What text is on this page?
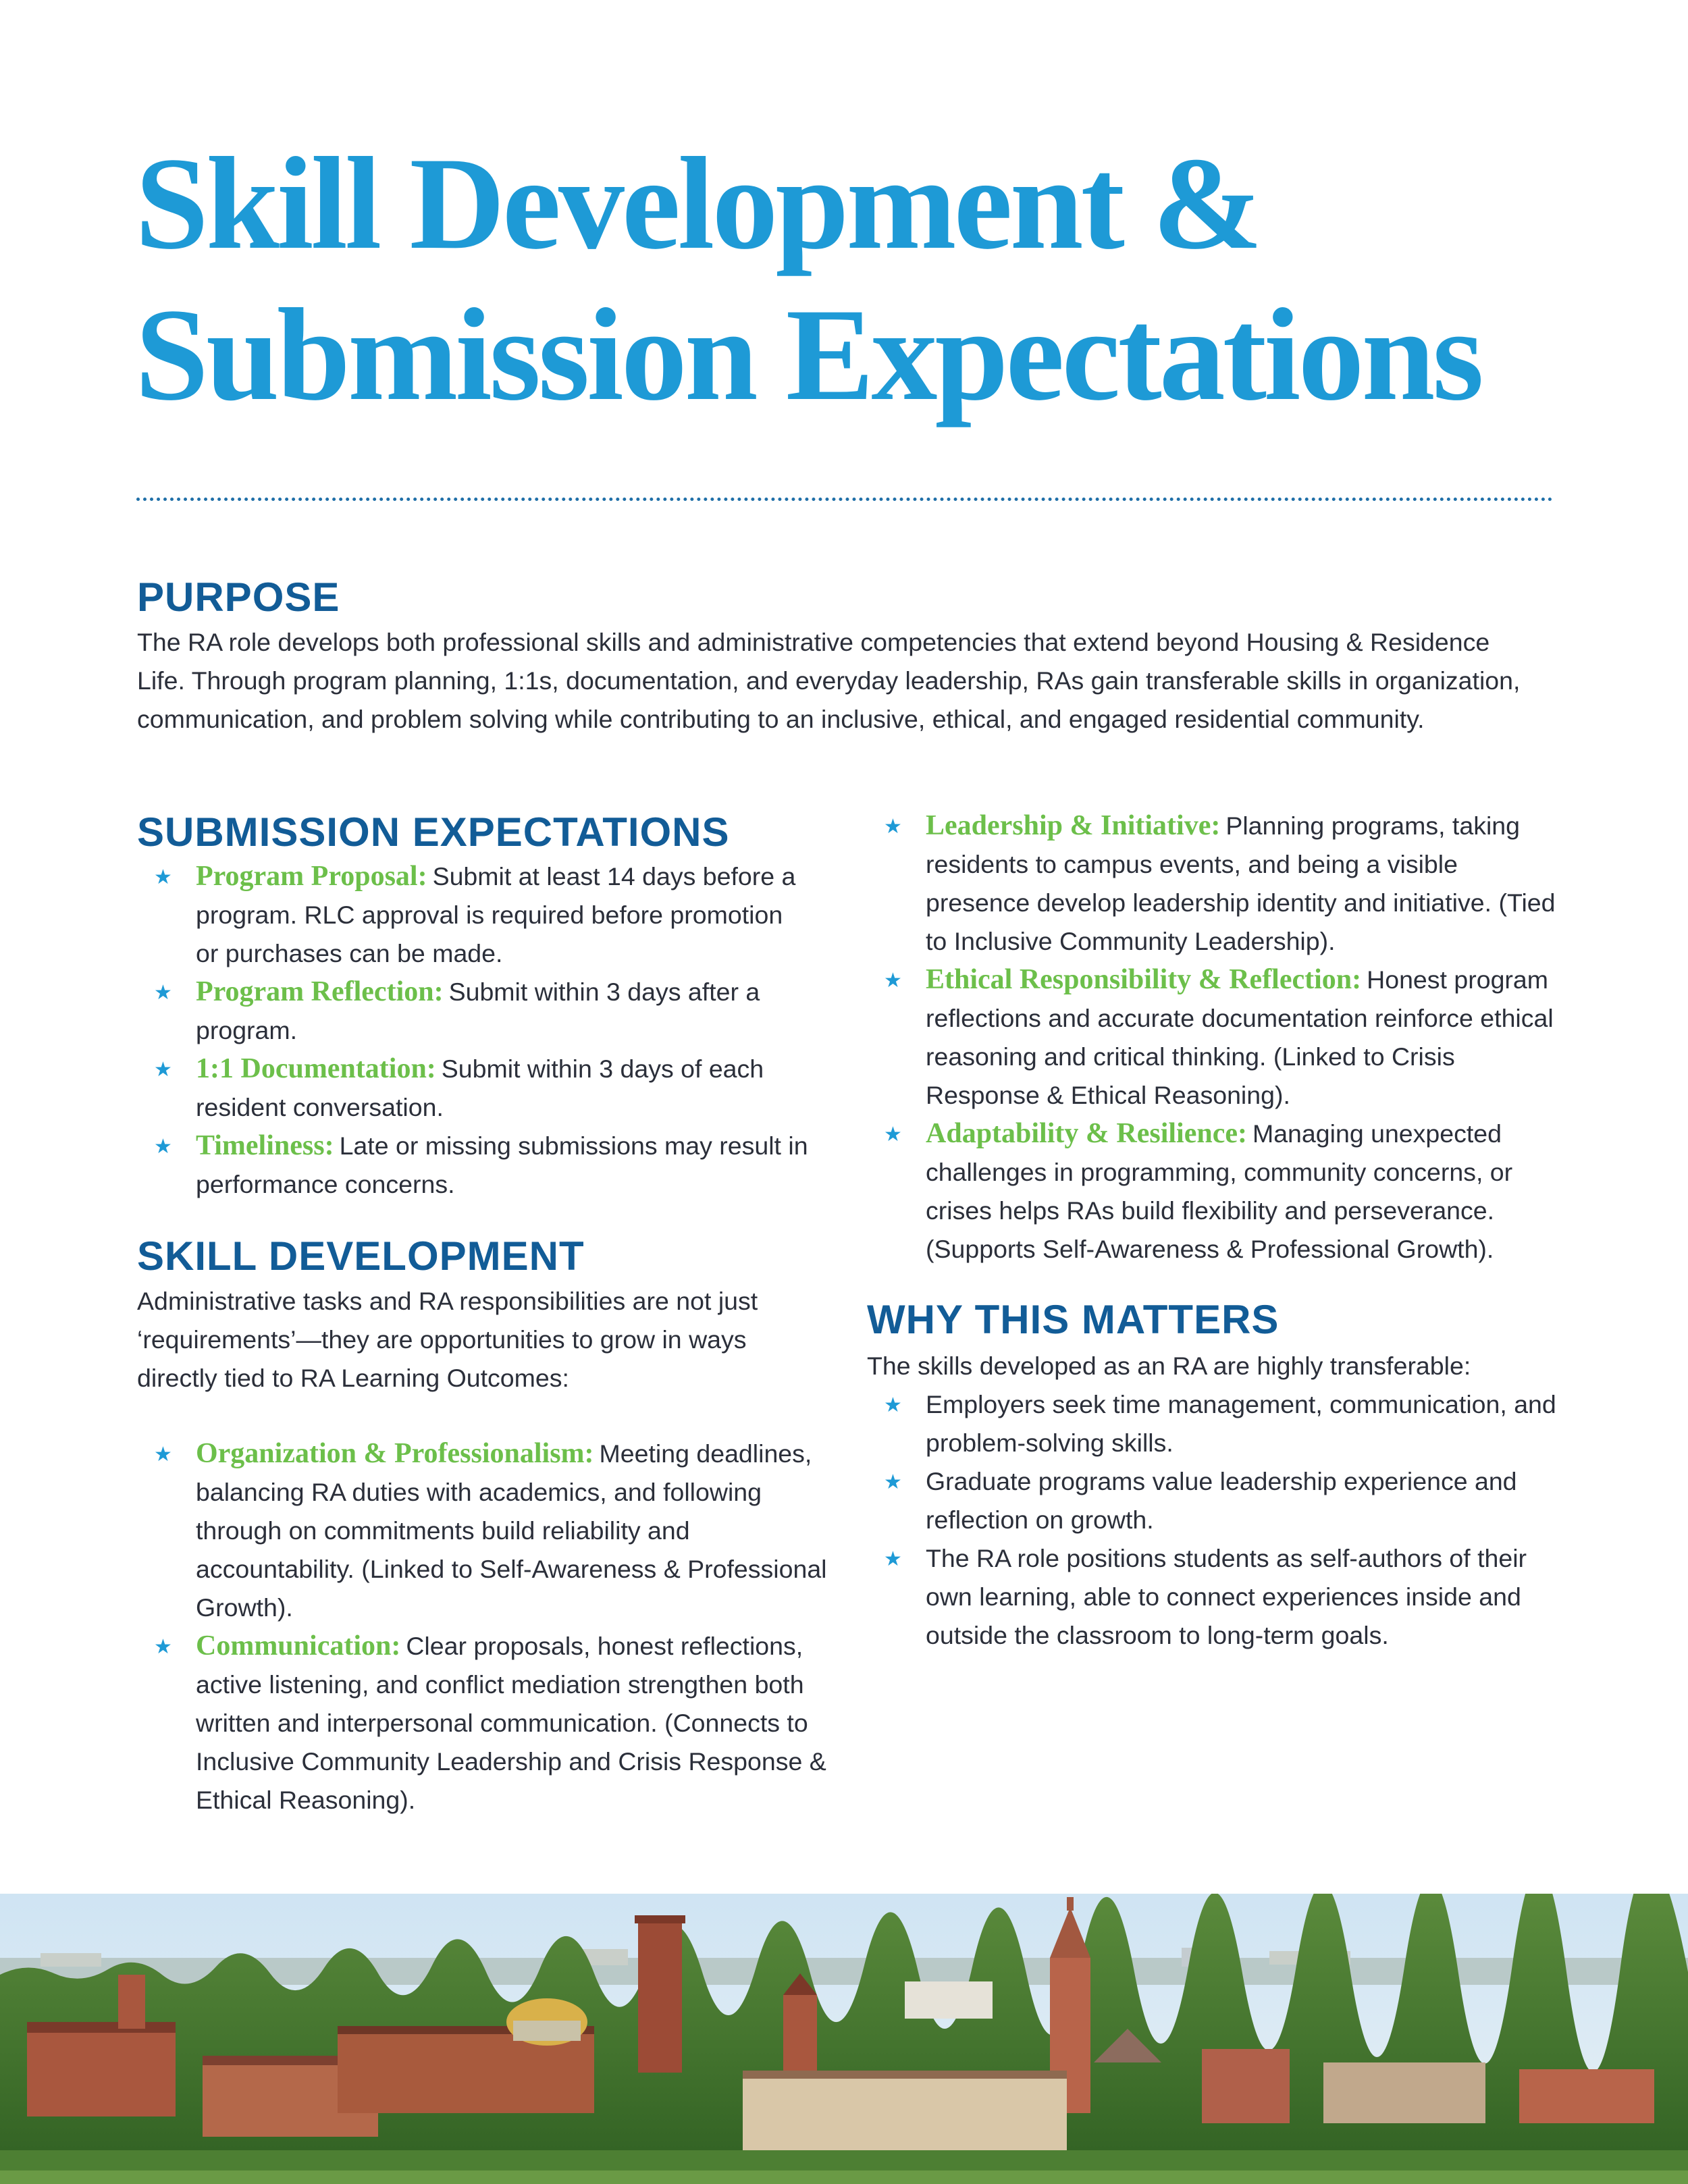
Skill Development &
Submission Expectations
PURPOSE

The RA role develops both professional skills and administrative competencies that extend beyond Housing & Residence Life. Through program planning, 1:1s, documentation, and everyday leadership, RAs gain transferable skills in organization, communication, and problem solving while contributing to an inclusive, ethical, and engaged residential community.

SUBMISSION EXPECTATIONS
★ Program Proposal: Submit at least 14 days before a program. RLC approval is required before promotion or purchases can be made.
★ Program Reflection: Submit within 3 days after a program.
★ 1:1 Documentation: Submit within 3 days of each resident conversation.
★ Timeliness: Late or missing submissions may result in performance concerns.
SKILL DEVELOPMENT

Administrative tasks and RA responsibilities are not just ‘requirements’—they are opportunities to grow in ways directly tied to RA Learning Outcomes:

★ Organization & Professionalism: Meeting deadlines, balancing RA duties with academics, and following through on commitments build reliability and accountability. (Linked to Self-Awareness & Professional Growth).
★ Communication: Clear proposals, honest reflections, active listening, and conflict mediation strengthen both written and interpersonal communication. (Connects to Inclusive Community Leadership and Crisis Response & Ethical Reasoning).
★ Leadership & Initiative: Planning programs, taking residents to campus events, and being a visible presence develop leadership identity and initiative. (Tied to Inclusive Community Leadership).
★ Ethical Responsibility & Reflection: Honest program reflections and accurate documentation reinforce ethical reasoning and critical thinking. (Linked to Crisis Response & Ethical Reasoning).
★ Adaptability & Resilience: Managing unexpected challenges in programming, community concerns, or crises helps RAs build flexibility and perseverance. (Supports Self-Awareness & Professional Growth).
WHY THIS MATTERS

The skills developed as an RA are highly transferable:

★ Employers seek time management, communication, and problem-solving skills.
★ Graduate programs value leadership experience and reflection on growth.
★ The RA role positions students as self-authors of their own learning, able to connect experiences inside and outside the classroom to long-term goals.
